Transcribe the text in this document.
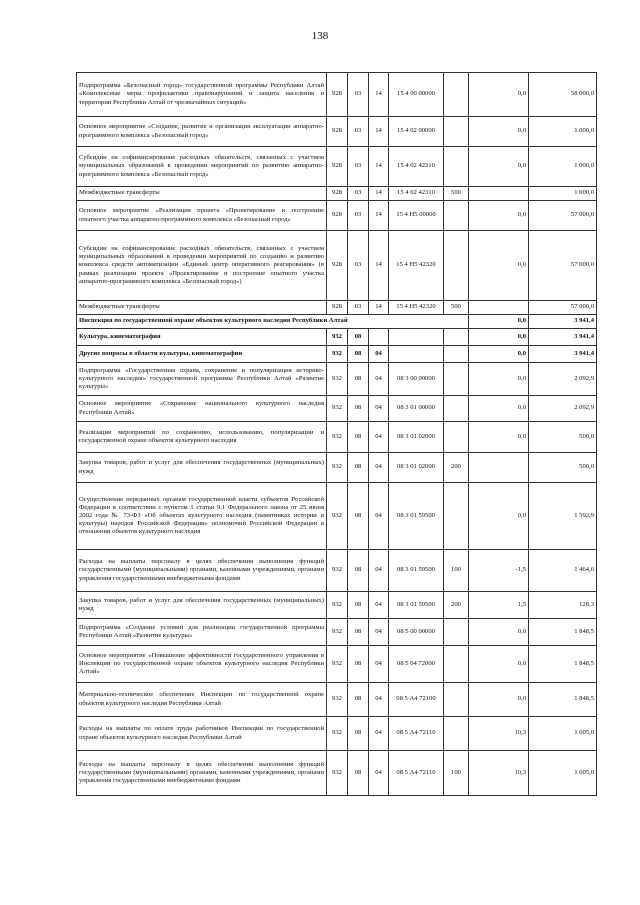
138
Подпрограмма «Безопасный город» государственной программы Республики Алтай «Комплексные меры профилактики правонарушений и защита населения и территории Республики Алтай от чрезвычайных ситуаций»	928	03	14	15 4 00 00000		0,0	58 000,0
Основное мероприятие «Создание, развитие и организация эксплуатации аппаратно-программного комплекса «Безопасный город»	928	03	14	15 4 02 00000		0,0	1 000,0
Субсидии на софинансирование расходных обязательств, связанных с участием муниципальных образований в проведении мероприятий по развитию аппаратно-программного комплекса «Безопасный город»	928	03	14	15 4 02 42310		0,0	1 000,0
Межбюджетные трансферты	928	03	14	15 4 02 42310	500		1 000,0
Основное мероприятие «Реализация проекта «Проектирование и построение опытного участка аппаратно-программного комплекса «Безопасный город»	928	03	14	15 4 Н5 00000		0,0	57 000,0
Субсидии на софинансирование расходных обязательств, связанных с участием муниципальных образований в проведении мероприятий по созданию и развитию комплекса средств автоматизации «Единый центр оперативного реагирования» (в рамках реализации проекта «Проектирование и построение опытного участка аппаратно-программного комплекса «Безопасный город»)	928	03	14	15 4 Н5 42320		0,0	57 000,0
Межбюджетные трансферты	928	03	14	15 4 Н5 42320	500		57 000,0
Инспекция по государственной охране объектов культурного наследия Республики Алтай						0,0	3 941,4
Культура, кинематография	932	08				0,0	3 941,4
Другие вопросы в области культуры, кинематографии	932	08	04			0,0	3 941,4
Подпрограмма «Государственная охрана, сохранение и популяризация историко-культурного наследия» государственной программы Республики Алтай «Развитие культуры»	932	08	04	08 3 00 00000		0,0	2 092,9
Основное мероприятие «Сохранение национального культурного наследия Республики Алтай»	932	08	04	08 3 01 00000		0,0	2 092,9
Реализация мероприятий по сохранению, использованию, популяризации и государственной охране объектов культурного наследия	932	08	04	08 3 01 02000		0,0	500,0
Закупка товаров, работ и услуг для обеспечения государственных (муниципальных) нужд	932	08	04	08 3 01 02000	200		500,0
Осуществление переданных органам государственной власти субъектов Российской Федерации в соответствии с пунктом 1 статьи 9.1 Федерального закона от 25 июня 2002 года № 73-ФЗ «Об объектах культурного наследия (памятниках истории и культуры) народов Российской Федерации» полномочий Российской Федерации в отношении объектов культурного наследия	932	08	04	08 3 01 59500		0,0	1 592,9
Расходы на выплаты персоналу в целях обеспечения выполнения функций государственными (муниципальными) органами, казенными учреждениями, органами управления государственными внебюджетными фондами	932	08	04	08 3 01 59500	100	-1,5	1 464,6
Закупка товаров, работ и услуг для обеспечения государственных (муниципальных) нужд	932	08	04	08 3 01 59500	200	1,5	128,3
Подпрограмма «Создание условий для реализации государственной программы Республики Алтай «Развитие культуры»	932	08	04	08 5 00 00000		0,0	1 848,5
Основное мероприятие «Повышение эффективности государственного управления в Инспекции по государственной охране объектов культурного наследия Республики Алтай»	932	08	04	08 5 04 72000		0,0	1 848,5
Материально-техническое обеспечение Инспекции по государственной охране объектов культурного наследия Республики Алтай	932	08	04	08 5 А4 72100		0,0	1 848,5
Расходы на выплаты по оплате труда работников Инспекции по государственной охране объектов культурного наследия Республики Алтай	932	08	04	08 5 А4 72110		10,3	1 605,0
Расходы на выплаты персоналу в целях обеспечения выполнения функций государственными (муниципальными) органами, казенными учреждениями, органами управления государственными внебюджетными фондами	932	08	04	08 5 А4 72110	100	10,3	1 605,0
